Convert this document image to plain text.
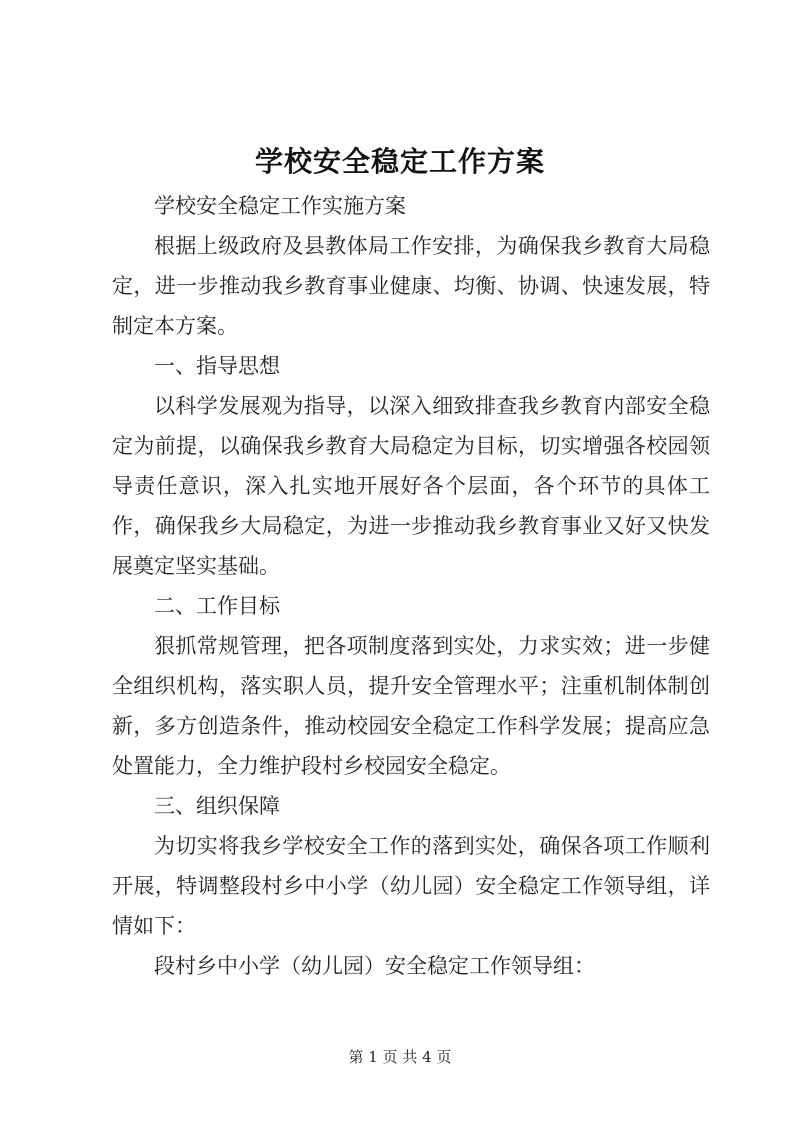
学校安全稳定工作方案

学校安全稳定工作实施方案

根据上级政府及县教体局工作安排，为确保我乡教育大局稳定，进一步推动我乡教育事业健康、均衡、协调、快速发展，特制定本方案。

一、指导思想

以科学发展观为指导，以深入细致排查我乡教育内部安全稳定为前提，以确保我乡教育大局稳定为目标，切实增强各校园领导责任意识，深入扎实地开展好各个层面，各个环节的具体工作，确保我乡大局稳定，为进一步推动我乡教育事业又好又快发展奠定坚实基础。

二、工作目标

狠抓常规管理，把各项制度落到实处，力求实效；进一步健全组织机构，落实职人员，提升安全管理水平；注重机制体制创新，多方创造条件，推动校园安全稳定工作科学发展；提高应急处置能力，全力维护段村乡校园安全稳定。

三、组织保障

为切实将我乡学校安全工作的落到实处，确保各项工作顺利开展，特调整段村乡中小学（幼儿园）安全稳定工作领导组，详情如下：

段村乡中小学（幼儿园）安全稳定工作领导组：

第 1 页 共 4 页
